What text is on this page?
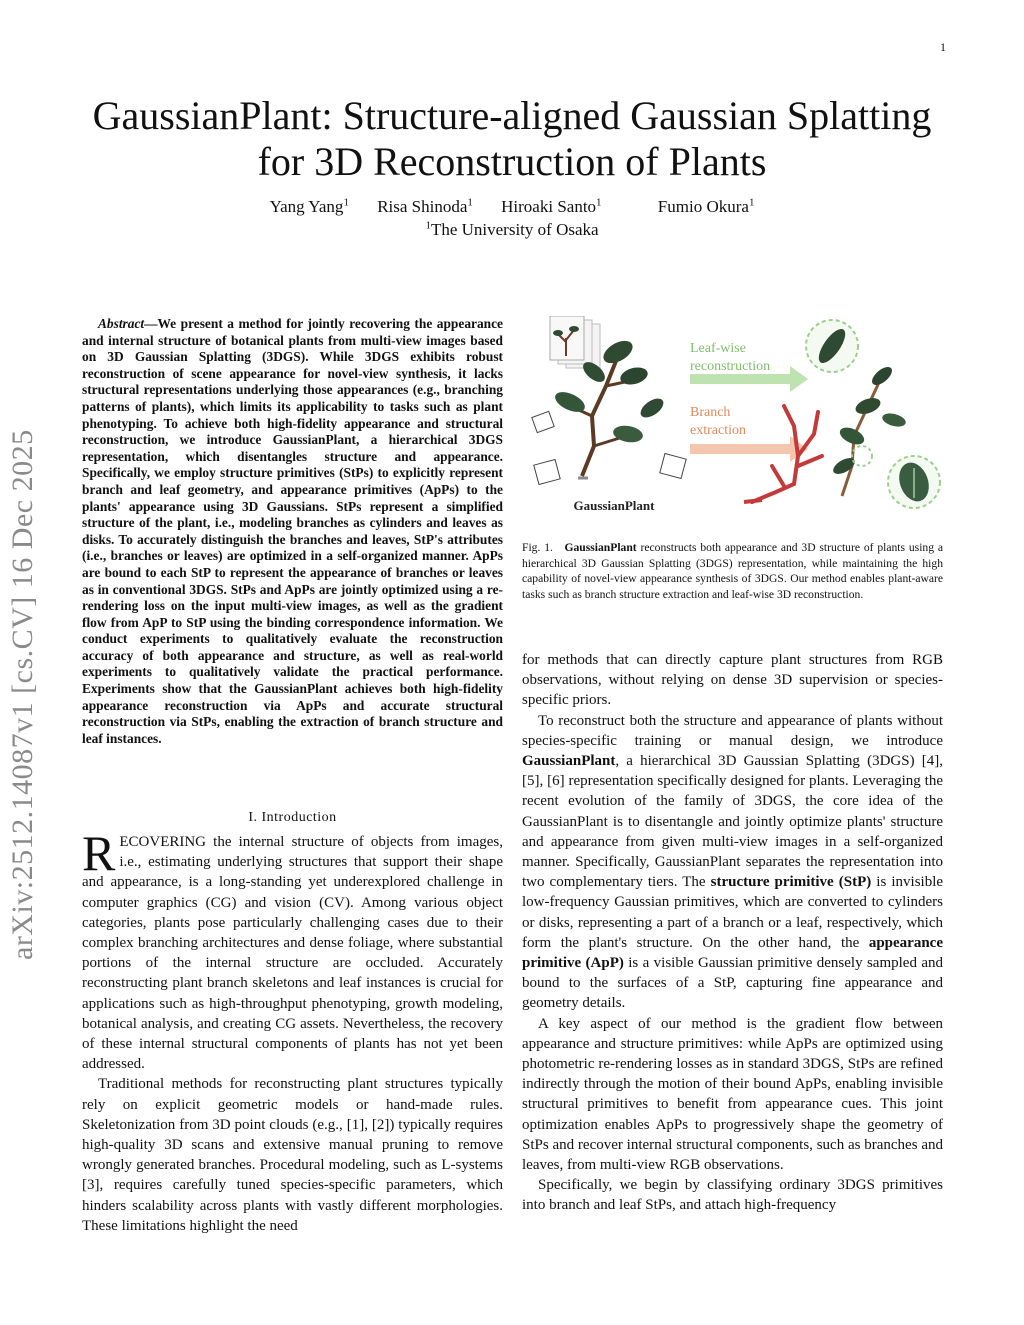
1
arXiv:2512.14087v1 [cs.CV] 16 Dec 2025
GaussianPlant: Structure-aligned Gaussian Splatting
for 3D Reconstruction of Plants
Yang Yang$^1$ Risa Shinoda$^1$ Hiroaki Santo$^1$	Fumio Okura$^1$
$^1$The University of Osaka
Abstract—We present a method for jointly recovering the appearance and internal structure of botanical plants from multi-view images based on 3D Gaussian Splatting (3DGS). While 3DGS exhibits robust reconstruction of scene appearance for novel-view synthesis, it lacks structural representations underlying those appearances (e.g., branching patterns of plants), which limits its applicability to tasks such as plant phenotyping. To achieve both high-fidelity appearance and structural reconstruction, we introduce GaussianPlant, a hierarchical 3DGS representation, which disentangles structure and appearance. Specifically, we employ structure primitives (StPs) to explicitly represent branch and leaf geometry, and appearance primitives (ApPs) to the plants' appearance using 3D Gaussians. StPs represent a simplified structure of the plant, i.e., modeling branches as cylinders and leaves as disks. To accurately distinguish the branches and leaves, StP's attributes (i.e., branches or leaves) are optimized in a self-organized manner. ApPs are bound to each StP to represent the appearance of branches or leaves as in conventional 3DGS. StPs and ApPs are jointly optimized using a re-rendering loss on the input multi-view images, as well as the gradient flow from ApP to StP using the binding correspondence information. We conduct experiments to qualitatively evaluate the reconstruction accuracy of both appearance and structure, as well as real-world experiments to qualitatively validate the practical performance. Experiments show that the GaussianPlant achieves both high-fidelity appearance reconstruction via ApPs and accurate structural reconstruction via StPs, enabling the extraction of branch structure and leaf instances.
I. Introduction

RECOVERING the internal structure of objects from images, i.e., estimating underlying structures that support their shape and appearance, is a long-standing yet underexplored challenge in computer graphics (CG) and vision (CV). Among various object categories, plants pose particularly challenging cases due to their complex branching architectures and dense foliage, where substantial portions of the internal structure are occluded. Accurately reconstructing plant branch skeletons and leaf instances is crucial for applications such as high-throughput phenotyping, growth modeling, botanical analysis, and creating CG assets. Nevertheless, the recovery of these internal structural components of plants has not yet been addressed.

Traditional methods for reconstructing plant structures typically rely on explicit geometric models or hand-made rules. Skeletonization from 3D point clouds (e.g., [1], [2]) typically requires high-quality 3D scans and extensive manual pruning to remove wrongly generated branches. Procedural modeling, such as L-systems [3], requires carefully tuned species-specific parameters, which hinders scalability across plants with vastly different morphologies. These limitations highlight the need

GaussianPlant
Leaf-wise reconstruction
Branch extraction
Fig. 1. GaussianPlant reconstructs both appearance and 3D structure of plants using a hierarchical 3D Gaussian Splatting (3DGS) representation, while maintaining the high capability of novel-view appearance synthesis of 3DGS. Our method enables plant-aware tasks such as branch structure extraction and leaf-wise 3D reconstruction.

for methods that can directly capture plant structures from RGB observations, without relying on dense 3D supervision or species-specific priors.

To reconstruct both the structure and appearance of plants without species-specific training or manual design, we introduce GaussianPlant, a hierarchical 3D Gaussian Splatting (3DGS) [4], [5], [6] representation specifically designed for plants. Leveraging the recent evolution of the family of 3DGS, the core idea of the GaussianPlant is to disentangle and jointly optimize plants' structure and appearance from given multi-view images in a self-organized manner. Specifically, GaussianPlant separates the representation into two complementary tiers. The structure primitive (StP) is invisible low-frequency Gaussian primitives, which are converted to cylinders or disks, representing a part of a branch or a leaf, respectively, which form the plant's structure. On the other hand, the appearance primitive (ApP) is a visible Gaussian primitive densely sampled and bound to the surfaces of a StP, capturing fine appearance and geometry details.

A key aspect of our method is the gradient flow between appearance and structure primitives: while ApPs are optimized using photometric re-rendering losses as in standard 3DGS, StPs are refined indirectly through the motion of their bound ApPs, enabling invisible structural primitives to benefit from appearance cues. This joint optimization enables ApPs to progressively shape the geometry of StPs and recover internal structural components, such as branches and leaves, from multi-view RGB observations.

Specifically, we begin by classifying ordinary 3DGS primitives into branch and leaf StPs, and attach high-frequency
